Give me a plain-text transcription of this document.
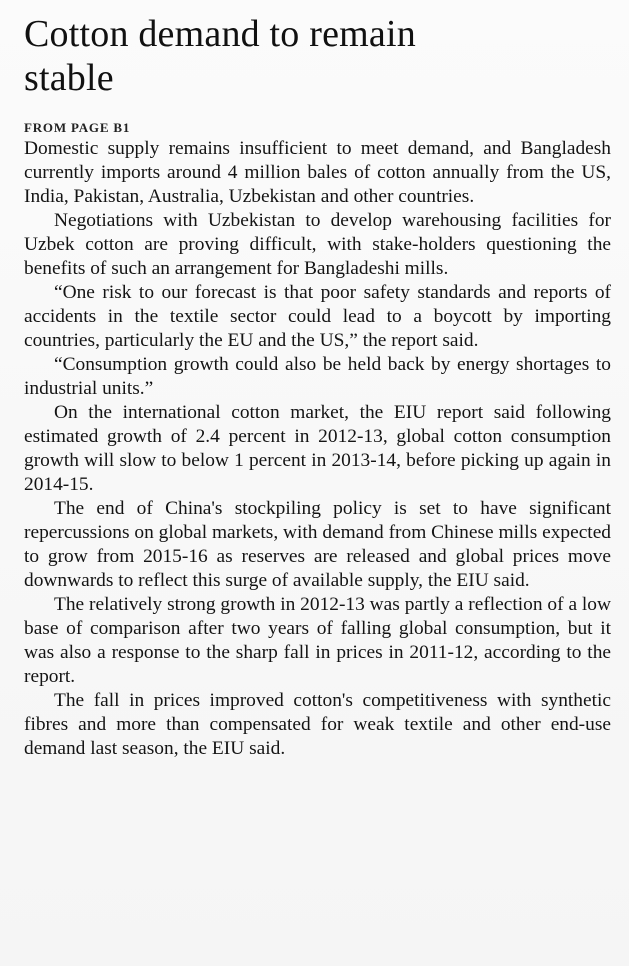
Cotton demand to remain stable
FROM PAGE B1

Domestic supply remains insufficient to meet demand, and Bangladesh currently imports around 4 million bales of cotton annually from the US, India, Pakistan, Australia, Uzbekistan and other countries.

Negotiations with Uzbekistan to develop warehousing facilities for Uzbek cotton are proving difficult, with stake-holders questioning the benefits of such an arrangement for Bangladeshi mills.

“One risk to our forecast is that poor safety standards and reports of accidents in the textile sector could lead to a boycott by importing countries, particularly the EU and the US,” the report said.

“Consumption growth could also be held back by energy shortages to industrial units.”

On the international cotton market, the EIU report said following estimated growth of 2.4 percent in 2012-13, global cotton consumption growth will slow to below 1 percent in 2013-14, before picking up again in 2014-15.

The end of China's stockpiling policy is set to have significant repercussions on global markets, with demand from Chinese mills expected to grow from 2015-16 as reserves are released and global prices move downwards to reflect this surge of available supply, the EIU said.

The relatively strong growth in 2012-13 was partly a reflection of a low base of comparison after two years of falling global consumption, but it was also a response to the sharp fall in prices in 2011-12, according to the report.

The fall in prices improved cotton's competitiveness with synthetic fibres and more than compensated for weak textile and other end-use demand last season, the EIU said.
